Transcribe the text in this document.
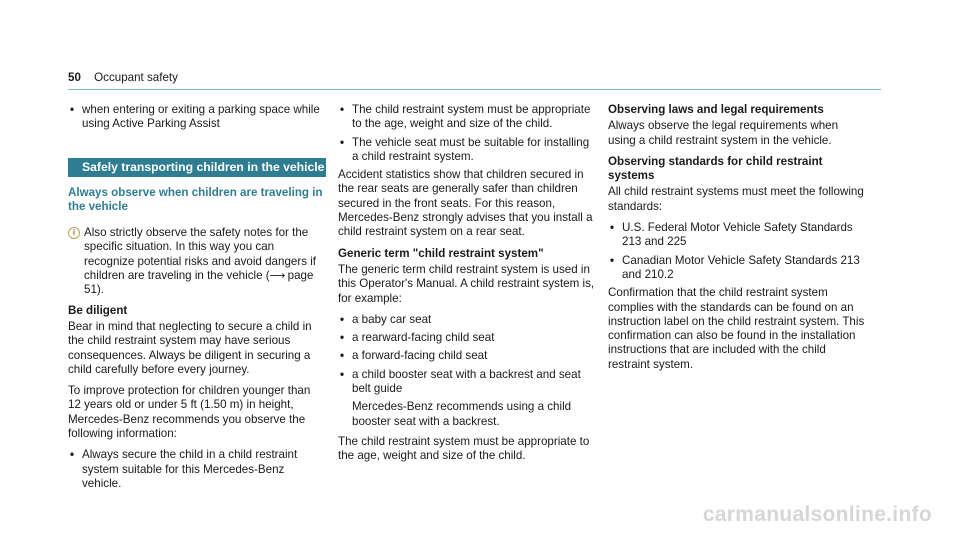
50 Occupant safety
• when entering or exiting a parking space while using Active Parking Assist
Safely transporting children in the vehicle
Always observe when children are traveling in the vehicle
i Also strictly observe the safety notes for the specific situation. In this way you can recognize potential risks and avoid dangers if children are traveling in the vehicle (⟶ page 51).
Be diligent

Bear in mind that neglecting to secure a child in the child restraint system may have serious consequences. Always be diligent in securing a child carefully before every journey.

To improve protection for children younger than 12 years old or under 5 ft (1.50 m) in height, Mercedes-Benz recommends you observe the following information:

• Always secure the child in a child restraint system suitable for this Mercedes-Benz vehicle.
• The child restraint system must be appropriate to the age, weight and size of the child.
• The vehicle seat must be suitable for installing a child restraint system.

Accident statistics show that children secured in the rear seats are generally safer than children secured in the front seats. For this reason, Mercedes-Benz strongly advises that you install a child restraint system on a rear seat.

Generic term "child restraint system"

The generic term child restraint system is used in this Operator's Manual. A child restraint system is, for example:

• a baby car seat
• a rearward-facing child seat
• a forward-facing child seat
• a child booster seat with a backrest and seat belt guide

Mercedes-Benz recommends using a child booster seat with a backrest.

The child restraint system must be appropriate to the age, weight and size of the child.

Observing laws and legal requirements

Always observe the legal requirements when using a child restraint system in the vehicle.

Observing standards for child restraint systems

All child restraint systems must meet the following standards:

• U.S. Federal Motor Vehicle Safety Standards 213 and 225
• Canadian Motor Vehicle Safety Standards 213 and 210.2

Confirmation that the child restraint system complies with the standards can be found on an instruction label on the child restraint system. This confirmation can also be found in the installation instructions that are included with the child restraint system.

carmanualsonline.info
